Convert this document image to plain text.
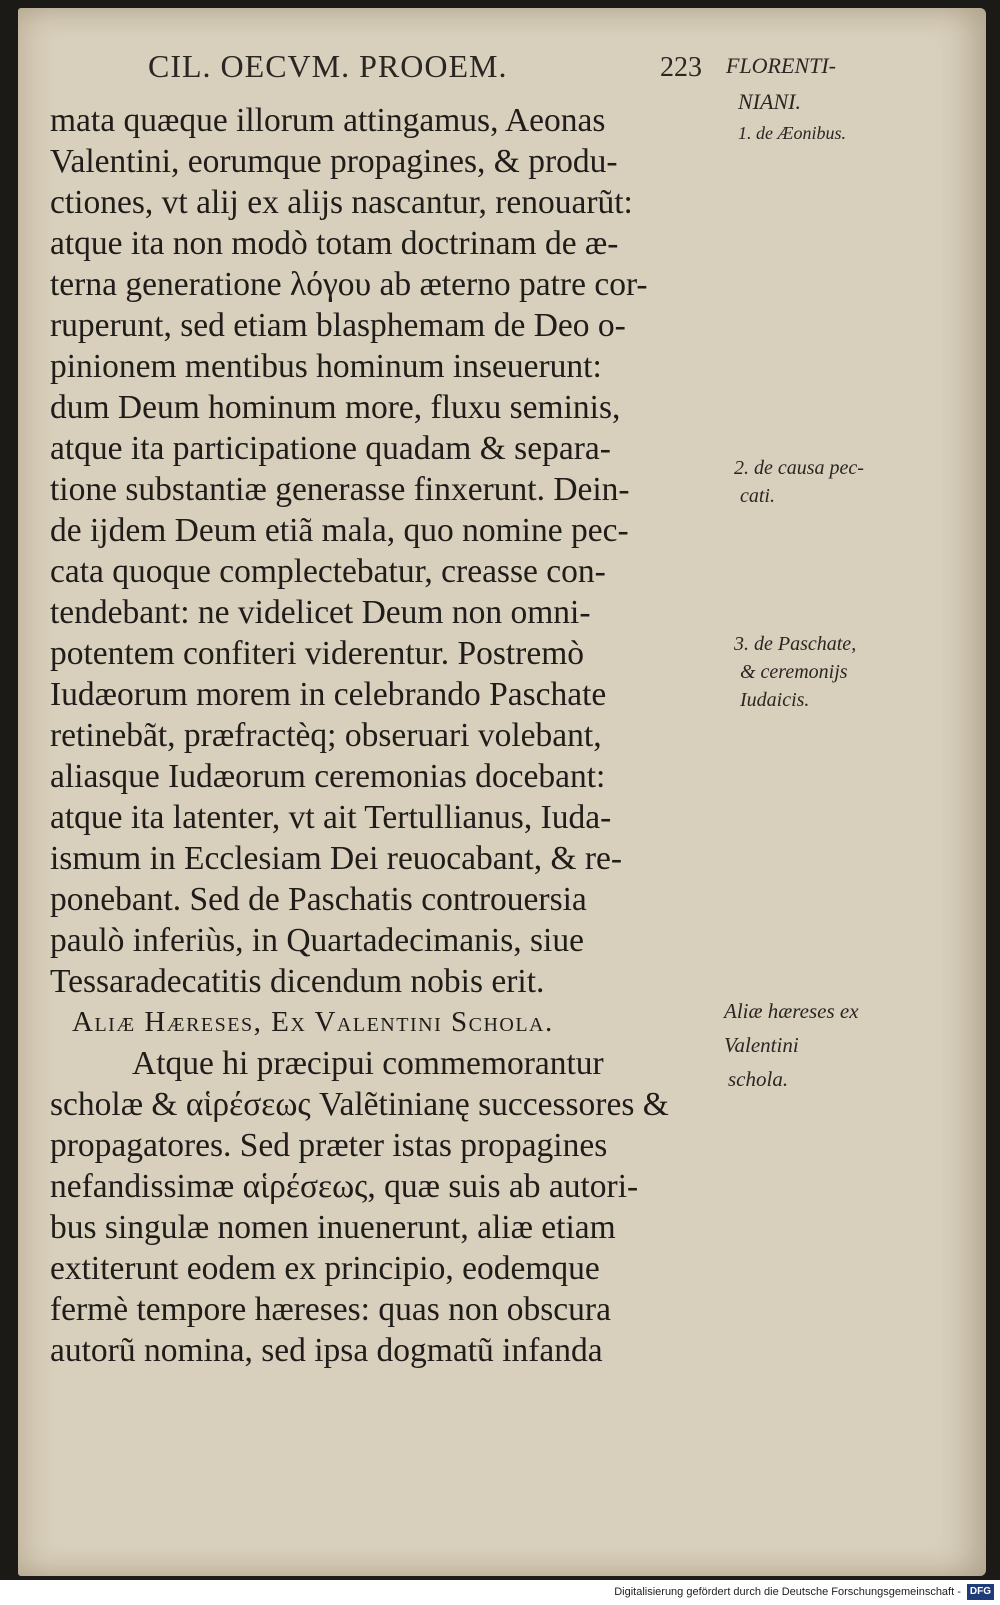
CIL. OECVM. PROOEM.	223
mata quæque illorum attingamus, Aeonas
Valentini, eorumque propagines, & produ-
ctiones, vt alij ex alijs nascantur, renouarũt:
atque ita non modò totam doctrinam de æ-
terna generatione λόγου ab æterno patre cor-
ruperunt, sed etiam blasphemam de Deo o-
pinionem mentibus hominum inseuerunt:
dum Deum hominum more, fluxu seminis,
atque ita participatione quadam & separa-
tione substantiæ generasse finxerunt. Dein-
de ijdem Deum etiã mala, quo nomine pec-
cata quoque complectebatur, creasse con-
tendebant: ne videlicet Deum non omni-
potentem confiteri viderentur. Postremò
Iudæorum morem in celebrando Paschate
retinebãt, præfractèq; obseruari volebant,
aliasque Iudæorum ceremonias docebant:
atque ita latenter, vt ait Tertullianus, Iuda-
ismum in Ecclesiam Dei reuocabant, & re-
ponebant. Sed de Paschatis controuersia
paulò inferiùs, in Quartadecimanis, siue
Tessaradecatitis dicendum nobis erit.
Aliæ Hæreses, Ex Valentini Schola.
Atque hi præcipui commemorantur
scholæ & αἱρέσεως Valẽtinianę successores &
propagatores. Sed præter istas propagines
nefandissimæ αἱρέσεως, quæ suis ab autori-
bus singulæ nomen inuenerunt, aliæ etiam
extiterunt eodem ex principio, eodemque
fermè tempore hæreses: quas non obscura
autorũ nomina, sed ipsa dogmatũ infanda
FLORENTI-
NIANI.
1. de Æonibus.
2. de causa pec-
cati.
3. de Paschate,
& ceremonijs
Iudaicis.
Aliæ hæreses ex
Valentini
schola.
Digitalisierung gefördert durch die Deutsche Forschungsgemeinschaft - DFG
